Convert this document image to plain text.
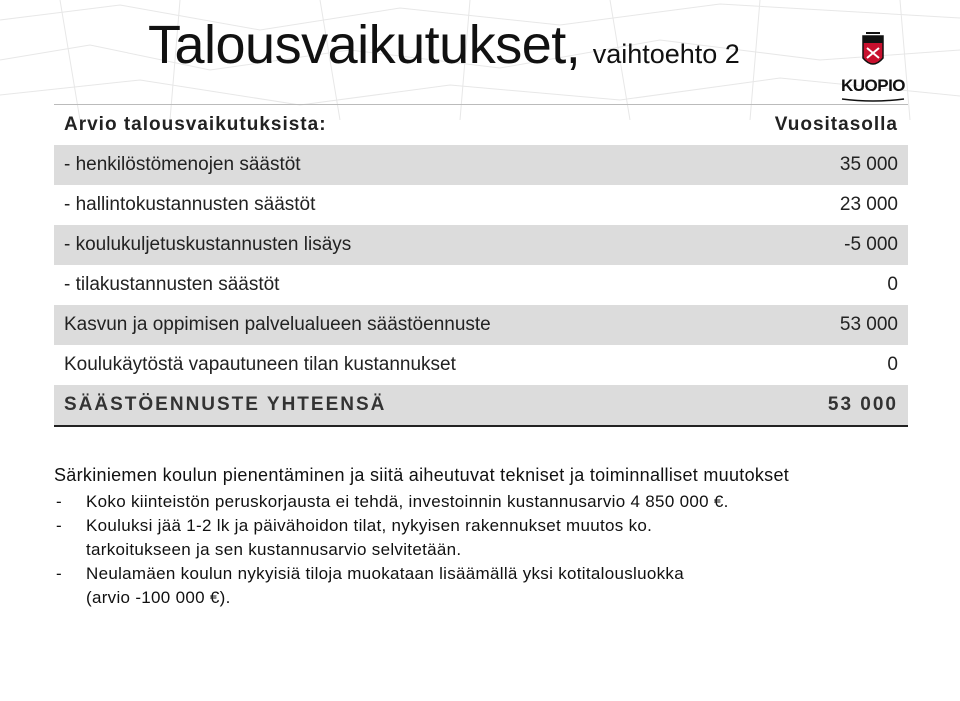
Talousvaikutukset, vaihtoehto 2
KUOPIO
Arvio talousvaikutuksista:	Vuositasolla
- henkilöstömenojen säästöt	35 000
- hallintokustannusten säästöt	23 000
- koulukuljetuskustannusten lisäys	-5 000
- tilakustannusten säästöt	0
Kasvun ja oppimisen palvelualueen säästöennuste	53 000
Koulukäytöstä vapautuneen tilan kustannukset	0
SÄÄSTÖENNUSTE YHTEENSÄ	53 000

Särkiniemen koulun pienentäminen ja siitä aiheutuvat tekniset ja toiminnalliset muutokset

- Koko kiinteistön peruskorjausta ei tehdä, investoinnin kustannusarvio 4 850 000 €.
- Kouluksi jää 1-2 lk ja päivähoidon tilat, nykyisen rakennukset muutos ko.
tarkoitukseen ja sen kustannusarvio selvitetään.
- Neulamäen koulun nykyisiä tiloja muokataan lisäämällä yksi kotitalousluokka
(arvio -100 000 €).
